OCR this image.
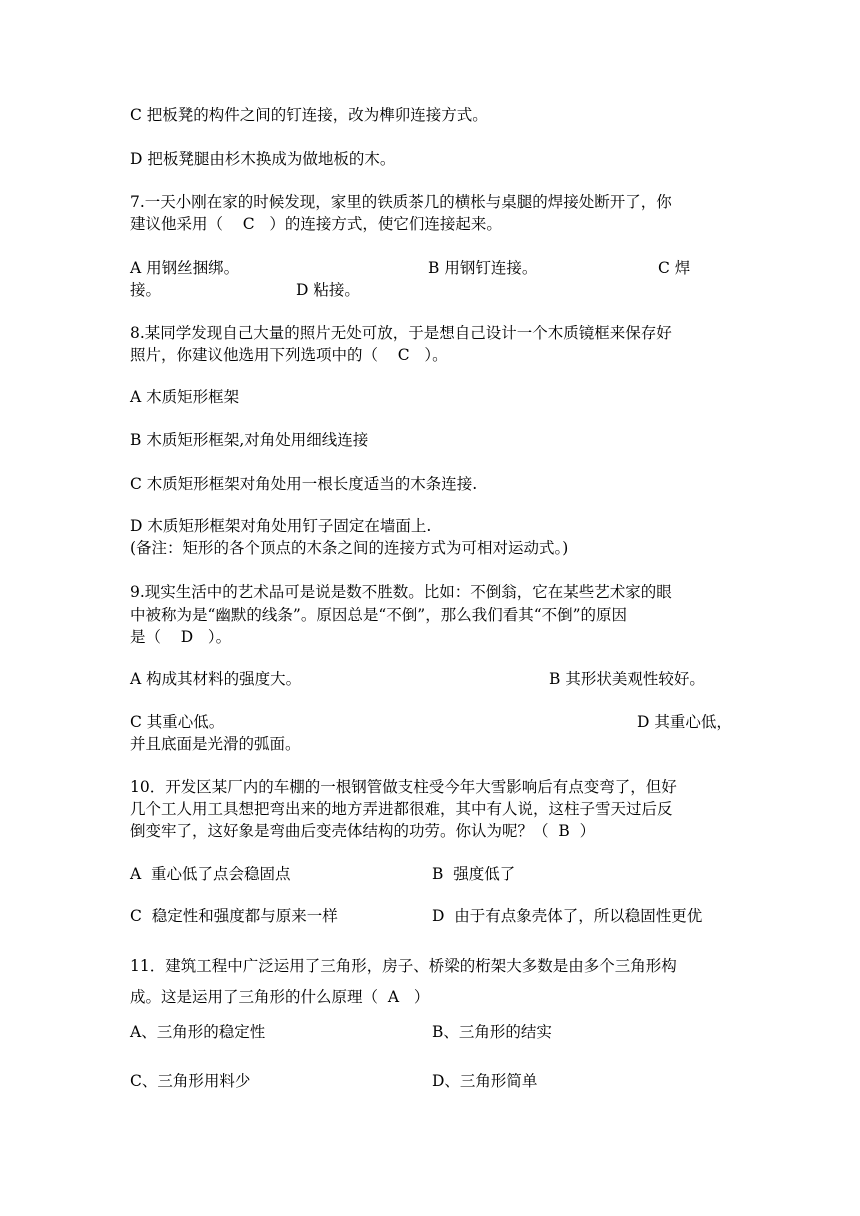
C 把板凳的构件之间的钉连接，改为榫卯连接方式。
D 把板凳腿由杉木换成为做地板的木。
7.一天小刚在家的时候发现，家里的铁质茶几的横枨与桌腿的焊接处断开了，你
建议他采用（    C   ）的连接方式，使它们连接起来。
A 用钢丝捆绑。	B 用钢钉连接。	C 焊
接。	D 粘接。
8.某同学发现自己大量的照片无处可放，于是想自己设计一个木质镜框来保存好
照片，你建议他选用下列选项中的（    C   ）。
A 木质矩形框架
B 木质矩形框架,对角处用细线连接
C 木质矩形框架对角处用一根长度适当的木条连接.
D 木质矩形框架对角处用钉子固定在墙面上.
(备注：矩形的各个顶点的木条之间的连接方式为可相对运动式。)
9.现实生活中的艺术品可是说是数不胜数。比如：不倒翁，它在某些艺术家的眼
中被称为是“幽默的线条”。原因总是“不倒”，那么我们看其“不倒”的原因
是（    D   ）。
A 构成其材料的强度大。	B 其形状美观性较好。
C 其重心低。	D 其重心低，
并且底面是光滑的弧面。
10．开发区某厂内的车棚的一根钢管做支柱受今年大雪影响后有点变弯了，但好
几个工人用工具想把弯出来的地方弄进都很难，其中有人说，这柱子雪天过后反
倒变牢了，这好象是弯曲后变壳体结构的功劳。你认为呢？（  B  ）
A  重心低了点会稳固点	B  强度低了
C  稳定性和强度都与原来一样	D  由于有点象壳体了，所以稳固性更优
11．建筑工程中广泛运用了三角形，房子、桥梁的桁架大多数是由多个三角形构
成。这是运用了三角形的什么原理（  A   ）
A、三角形的稳定性	B、三角形的结实
C、三角形用料少	D、三角形简单
